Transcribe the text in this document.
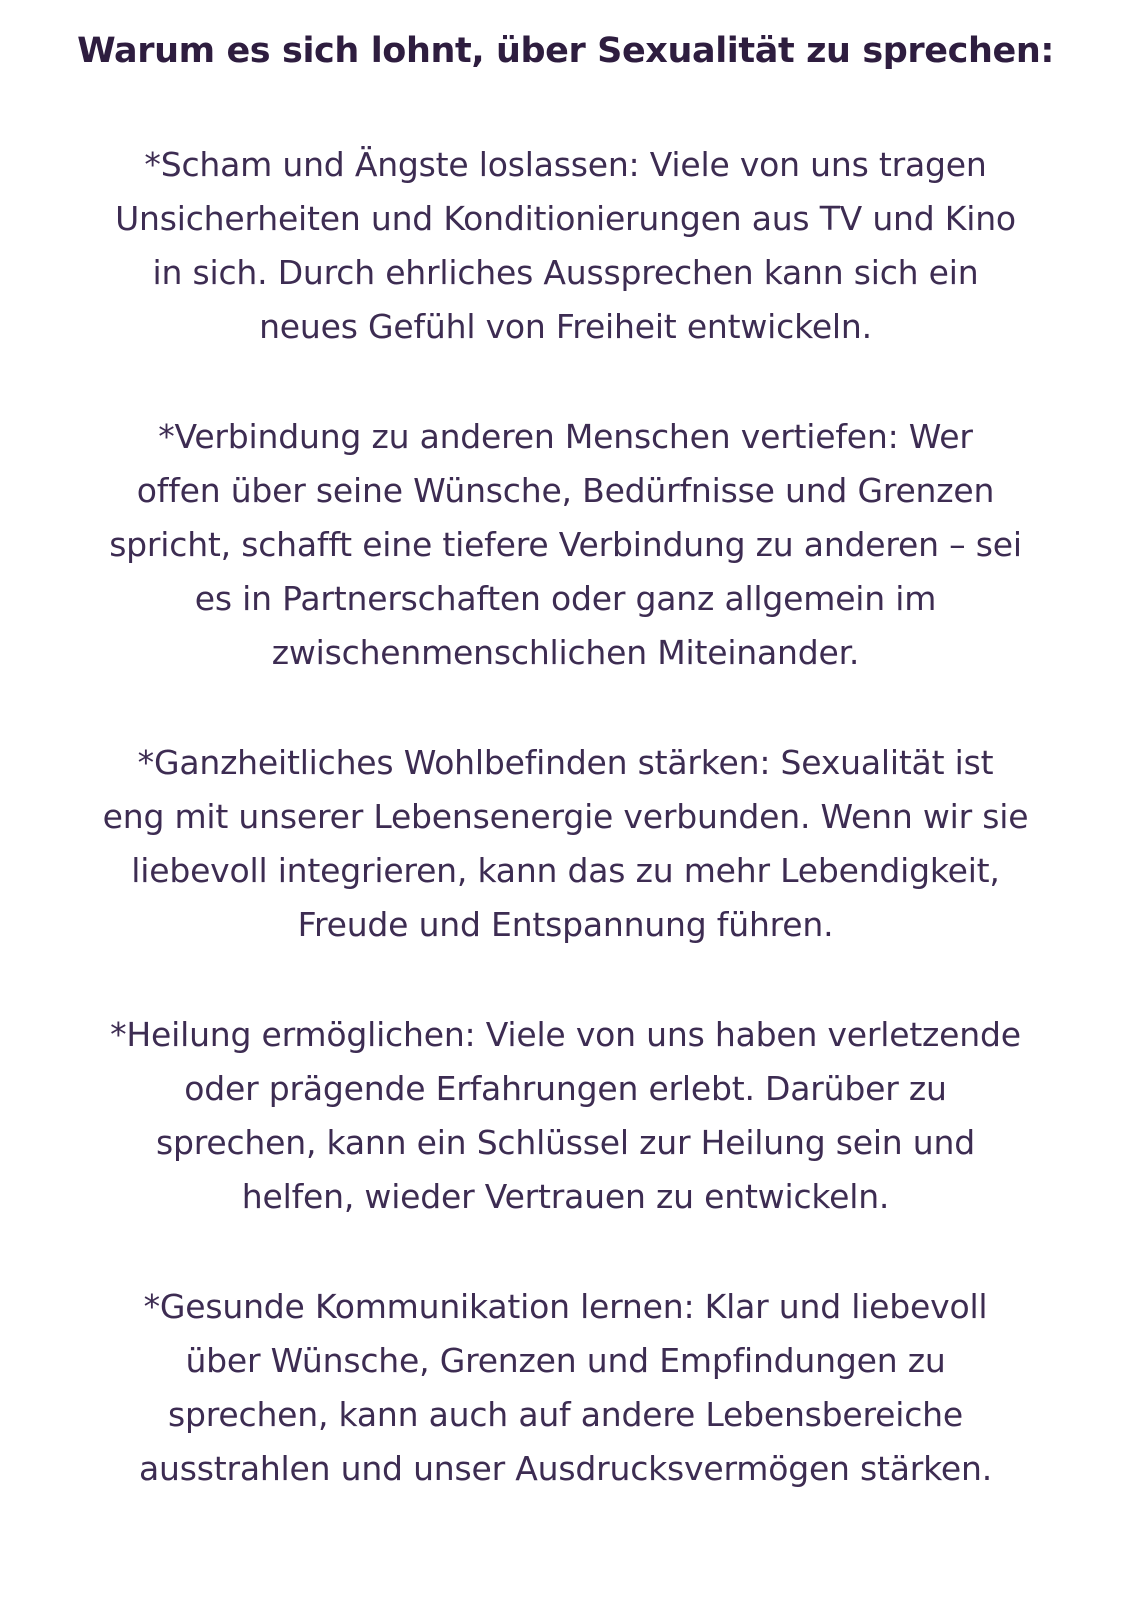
Warum es sich lohnt, über Sexualität zu sprechen:
*Scham und Ängste loslassen: Viele von uns tragen
Unsicherheiten und Konditionierungen aus TV und Kino
in sich. Durch ehrliches Aussprechen kann sich ein
neues Gefühl von Freiheit entwickeln.
*Verbindung zu anderen Menschen vertiefen: Wer
offen über seine Wünsche, Bedürfnisse und Grenzen
spricht, schafft eine tiefere Verbindung zu anderen – sei
es in Partnerschaften oder ganz allgemein im
zwischenmenschlichen Miteinander.
*Ganzheitliches Wohlbefinden stärken: Sexualität ist
eng mit unserer Lebensenergie verbunden. Wenn wir sie
liebevoll integrieren, kann das zu mehr Lebendigkeit,
Freude und Entspannung führen.
*Heilung ermöglichen: Viele von uns haben verletzende
oder prägende Erfahrungen erlebt. Darüber zu
sprechen, kann ein Schlüssel zur Heilung sein und
helfen, wieder Vertrauen zu entwickeln.
*Gesunde Kommunikation lernen: Klar und liebevoll
über Wünsche, Grenzen und Empfindungen zu
sprechen, kann auch auf andere Lebensbereiche
ausstrahlen und unser Ausdrucksvermögen stärken.
